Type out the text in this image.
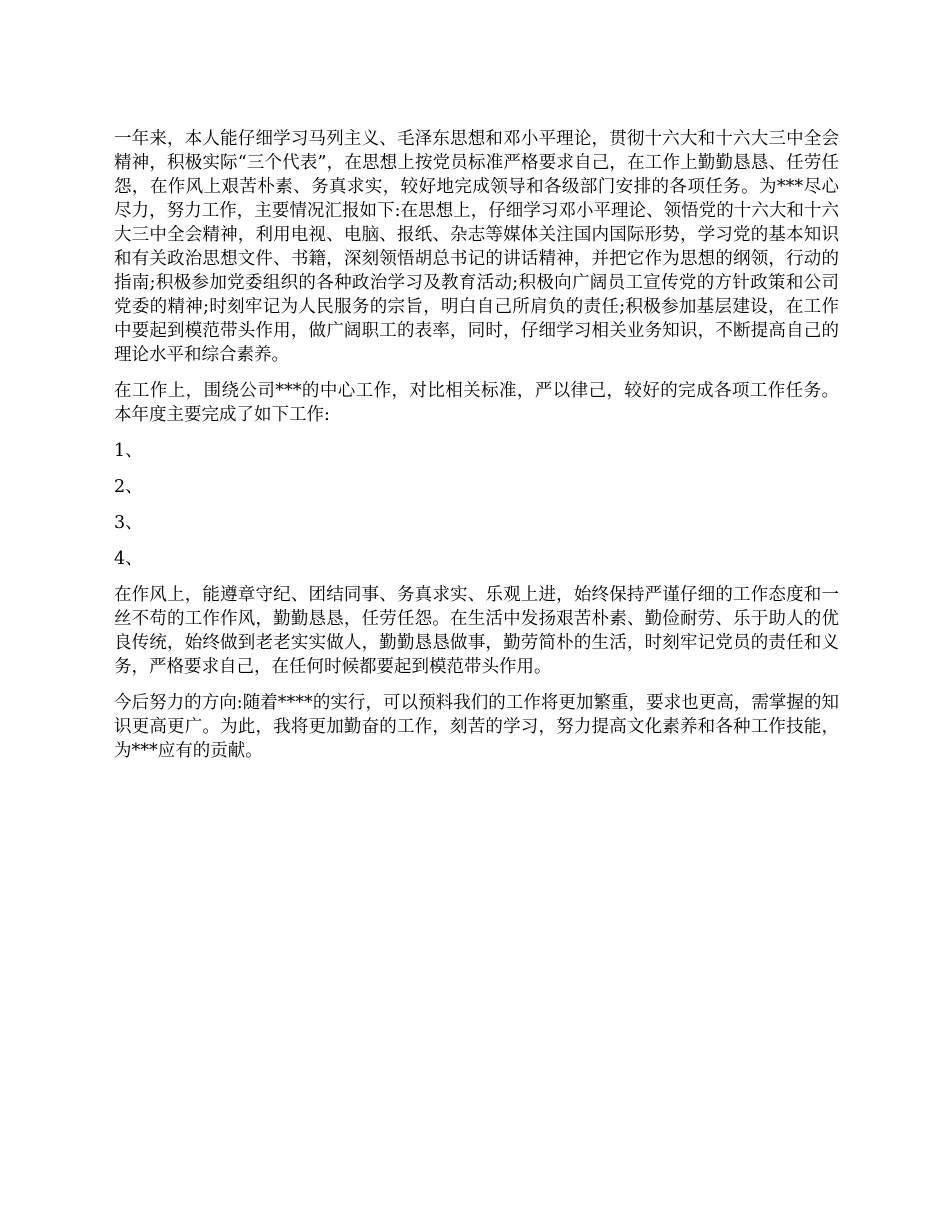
一年来，本人能仔细学习马列主义、毛泽东思想和邓小平理论，贯彻十六大和十六大三中全会精神，积极实际“三个代表”，在思想上按党员标准严格要求自己，在工作上勤勤恳恳、任劳任怨，在作风上艰苦朴素、务真求实，较好地完成领导和各级部门安排的各项任务。为***尽心尽力，努力工作，主要情况汇报如下:在思想上，仔细学习邓小平理论、领悟党的十六大和十六大三中全会精神，利用电视、电脑、报纸、杂志等媒体关注国内国际形势，学习党的基本知识和有关政治思想文件、书籍，深刻领悟胡总书记的讲话精神，并把它作为思想的纲领，行动的指南;积极参加党委组织的各种政治学习及教育活动;积极向广阔员工宣传党的方针政策和公司党委的精神;时刻牢记为人民服务的宗旨，明白自己所肩负的责任;积极参加基层建设，在工作中要起到模范带头作用，做广阔职工的表率，同时，仔细学习相关业务知识，不断提高自己的理论水平和综合素养。

在工作上，围绕公司***的中心工作，对比相关标准，严以律己，较好的完成各项工作任务。本年度主要完成了如下工作:

1、
2、
3、
4、

在作风上，能遵章守纪、团结同事、务真求实、乐观上进，始终保持严谨仔细的工作态度和一丝不苟的工作作风，勤勤恳恳，任劳任怨。在生活中发扬艰苦朴素、勤俭耐劳、乐于助人的优良传统，始终做到老老实实做人，勤勤恳恳做事，勤劳简朴的生活，时刻牢记党员的责任和义务，严格要求自己，在任何时候都要起到模范带头作用。

今后努力的方向:随着****的实行，可以预料我们的工作将更加繁重，要求也更高，需掌握的知识更高更广。为此，我将更加勤奋的工作，刻苦的学习，努力提高文化素养和各种工作技能，为***应有的贡献。
